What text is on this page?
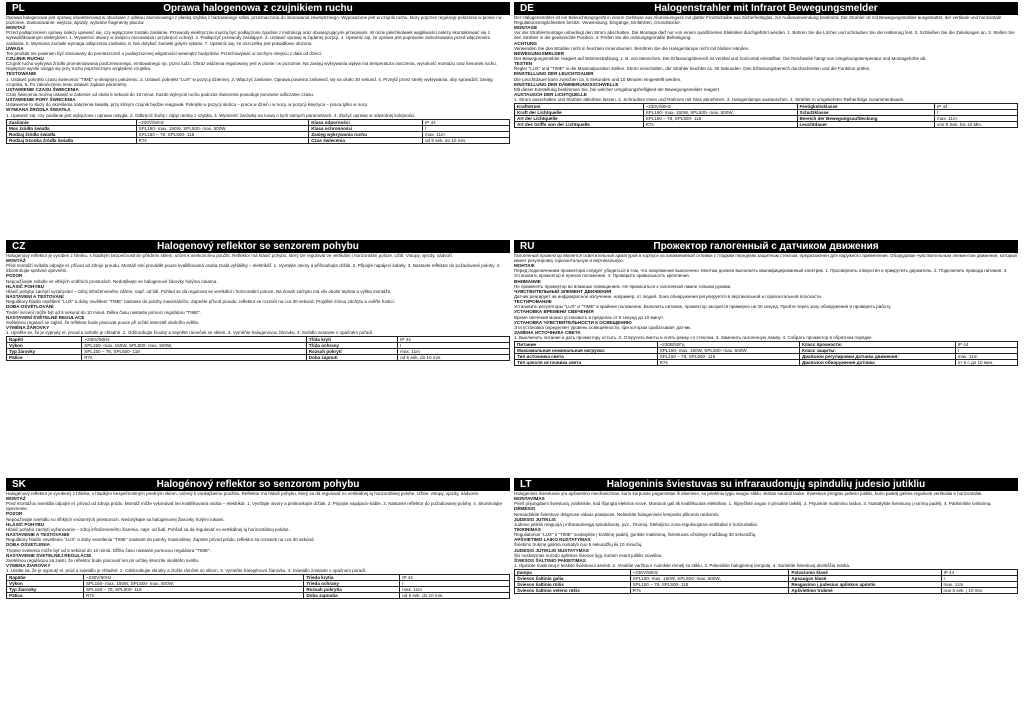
PL	Oprawa halogenowa z czujnikiem ruchu

Oprawa halogenowa jest oprawą oświetleniową w obudowie z odlewu aluminiowego z płaską szybką z hartowanego szkła, przeznaczona do stosowania zewnętrznego. Wyposażone jest w czujnik ruchu, który poprzez regulację położenia w pionie i w poziomie. Zastosowanie: wejścia, wjazdy, wybrane fragmenty placów.

MONTAŻ

Przed podłączeniem oprawy należy upewnić się, czy wyłączone zostało zasilanie. Przewody elektryczne muszą być podłączone zgodnie z instrukcją oraz obowiązującymi przepisami. W razie jakichkolwiek wątpliwości należy skontaktować się z wykwalifikowanym elektrykiem. 1. Wywiercić otwory w miejscu mocowania i przykręcić uchwyt. 2. Podłączyć przewody zasilające. 3. Ustawić oprawę w żądanej pozycji. 4. Upewnić się, że oprawa jest poprawnie zamontowana przed włączeniem zasilania. 5. Wymiana żarówki wymaga odłączenia zasilania. 6. Nie dotykać żarówki gołymi rękami. 7. Upewnić się, że uszczelka jest prawidłowo ułożona.

UWAGA

Ten produkt nie powinien być stosowany do pomieszczeń o podwyższonej wilgotności wewnątrz budynków. Przechowywać w suchym miejscu z dala od dzieci.

CZUJNIK RUCHU

Czujnik ruchu wykrywa źródło promieniowania podczerwonego, emitowanego np. przez ludzi. Obraz widzenia regulowany jest w pionie i w poziomie. Na zasięg wykrywania wpływ ma temperatura otoczenia, wysokość montażu oraz kierunek ruchu. Najlepsze wyniki osiąga się przy ruchu poprzecznym względem czujnika.

TESTOWANIE

1. Ustawić pokrętło czasu świecenia "TIME" w skrajnym położeniu. 2. Ustawić pokrętło "LUX" w pozycji dziennej. 3. Włączyć zasilanie. Oprawa powinna zaświecić się na około 30 sekund. 4. Przejść przez strefę wykrywania, aby sprawdzić zasięg czujnika. 5. Po zakończeniu testu ustawić żądane parametry.

USTAWIENIE CZASU ŚWIECENIA

Czas świecenia można ustawić w zakresie od około 5 sekund do 10 minut. Każde wykrycie ruchu podczas świecenia powoduje ponowne odliczanie czasu.

USTAWIENIE PORY ŚWIECENIA

Ustawienie to służy do określenia natężenia światła, przy którym czujnik będzie reagował. Pokrętło w pozycji słońca – praca w dzień i w nocy, w pozycji księżyca – praca tylko w nocy.

WYMIANA ŹRÓDŁA ŚWIATŁA

1. Upewnić się, czy zasilanie jest wyłączone i oprawa ostygła. 2. Odkręcić śruby i zdjąć ramkę z szybką. 3. Wymienić żarówkę na nową o tych samych parametrach. 4. Złożyć oprawę w odwrotnej kolejności.

Zasilanie	~230V/50Hz	Klasa odporności	IP 44
Moc źródła światła	SPL150- max. 150W, SPL500- max. 500W	Klasa ochronności	I
Rodzaj źródła światła	SPL150 – 78, SPL500- 118	Zasięg wykrywania ruchu	max. 11m
Rodzaj trzonka źródła światła	R7s	Czas świecenia	od 5 sek. do 10 min.
CZ	Halogenový reflektor se senzorem pohybu

Halogenový reflektor je vyroben z hliníku, s hladkým bezpečnostním předním sklem, určen k venkovnímu použití. Reflektor má hlásič pohybu, který lze regulovat ve vertikální i horizontální poloze. Užití: Vstupy, vjezdy, nádvoří.

MONTÁŽ

Před montáží svítidla odpojte el. přívod od zdroje proudu. Montáž smí provádět pouze kvalifikovaná osoba znalá vyhlášky – elektrikář. 1. Vyvrtejte otvory a přišroubujte držák. 2. Připojte napájecí kabely. 3. Nastavte reflektor do požadované polohy. 4. Zkontrolujte správné upevnění.

POZOR

Nepoužívejte svítidlo ve vlhkých vnitřních prostorách. Nedotýkejte se halogenové žárovky holýma rukama.

HLÁSIČ POHYBU

Hlásič pohybu zachytí vyzařování – zdroj infračerveného záření, např. od lidí. Pohled se dá regulovat ve vertikální i horizontální poloze. Na dosah záchytu má vliv okolní teplota a výška montáže.

NASTAVENÍ A TESTOVÁNÍ

Regulátory hladin osvětlení "LUX" a doby osvětlení "TIME" nastavte do polohy maximálního. Zapněte přívod proudu, reflektor se rozsvítí na cca 30 sekund. Projděte zónou záchytu a ověřte funkci.

DOBA OSVĚTLOVÁNÍ

Trvání svícení může být od 5 sekund do 10 minut. Délku času nastavte pomocí regulátoru "TIME".

NASTAVENÍ SVĚTELNÉ REGULACE

Světelnou regulací se zajistí, že reflektor bude pracovat pouze při určité intenzitě okolního světla.

VÝMĚNA ŽÁROVKY

1. Ujistěte se, že je vypnutý el. proud a svítidlo je chladné. 2. Odšroubujte šrouby a sejměte rámeček se sklem. 3. Vyměňte halogenovou žárovku. 4. Svítidlo sestavte v opačném pořadí.

Napětí	~230V/50Hz	Třída krytí	IP 44
Výkon	SPL150- max. 150W, SPL500- max. 500W,	Třída ochrany	I
Typ žárovky	SPL150 – 78, SPL500- 118	Rozsah pokrytí	max. 11m
Pätice	R7s	Doba zapnutí	od 5 sek. do 10 min.
SK	Halogénový reflektor so senzorom pohybu

Halogénový reflektor je vyrobený z hliníka, s hladkým bezpečnostným predným sklom, určený k vonkajšiemu použitiu. Reflektor má hlásič pohybu, ktorý sa dá regulovať vo vertikálnej aj horizontálnej polohe. Užitie: vstupy, vjazdy, nádvorie.

MONTÁŽ

Pred montážou svietidla odpojte el. prívod od zdroja prúdu. Montáž môže vykonávať len kvalifikovaná osoba – elektrikár. 1. Vyvŕtajte otvory a priskrutkujte držiak. 2. Pripojte napájacie káble. 3. Nastavte reflektor do požadovanej polohy. 4. Skontrolujte upevnenie.

POZOR

Nepoužívajte svietidlo vo vlhkých vnútorných priestoroch. Nedotýkajte sa halogénovej žiarovky holými rukami.

HLÁSIČ POHYBU

Hlásič pohybu zachytí vyžarovanie – zdroj infračerveného žiarenia, napr. od ľudí. Pohľad sa dá regulovať vo vertikálnej aj horizontálnej polohe.

NASTAVENIE A TESTOVANIE

Regulátory hladín osvetlenia "LUX" a doby osvetlenia "TIME" nastavte do polohy maximálnej. Zapnite prívod prúdu, reflektor sa rozsvieti na cca 30 sekúnd.

DOBA OSVETLENIA

Trvanie svietenia môže byť od 5 sekúnd do 10 minút. Dĺžku času nastavte pomocou regulátora "TIME".

NASTAVENIE SVETELNEJ REGULÁCIE

Svetelnou reguláciou sa zaistí, že reflektor bude pracovať len pri určitej intenzite okolitého svetla.

VÝMENA ŽIAROVKY

1. Uistite sa, že je vypnutý el. prúd a svietidlo je chladné. 2. Odskrutkujte skrutky a zložte rámček so sklom. 3. Vymeňte halogénovú žiarovku. 4. Svietidlo zostavte v opačnom poradí.

Napätie	~230V/50Hz	Trieda krytia	IP 44
Výkon	SPL150- max. 150W, SPL500- max. 500W,	Trieda ochrany	I
Typ žiarovky	SPL150 – 78, SPL500- 118	Rozsah pokrytia	max. 11m
Pätica	R7s	Doba zapnutia	od 5 sek. do 10 min.
DE	Halogenstrahler mit Infrarot Bewegungsmelder

Der Halogenstrahler ist ein Beleuchtungsgerät in einem Gehäuse aus Aluminiumguss mit glatter Frontscheibe aus Sicherheitsglas, zur Außenanwendung bestimmt. Der Strahler ist mit Bewegungsmelder ausgestattet, der vertikale und horizontale Regulationsmöglichkeiten besitzt. Verwendung: Eingänge, Einfahrten, Grundstücke.

MONTAGE

Vor der Strahlermontage unbedingt den Strom abschalten. Die Montage darf nur von einem qualifizierten Elektriker durchgeführt werden. 1. Bohren Sie die Löcher und schrauben Sie die Halterung fest. 2. Schließen Sie die Zuleitungen an. 3. Stellen Sie den Strahler in die gewünschte Position. 4. Prüfen Sie die ordnungsgemäße Befestigung.

ACHTUNG

Verwenden Sie den Strahler nicht in feuchten Innenräumen. Berühren Sie die Halogenlampe nicht mit bloßen Händen.

BEWEGUNGSMELDER

Der Bewegungsmelder reagiert auf Wärmestrahlung, z. B. von Menschen. Der Erfassungsbereich ist vertikal und horizontal einstellbar. Die Reichweite hängt von Umgebungstemperatur und Montagehöhe ab.

TESTEN

Regler "LUX" und "TIME" in die Maximalposition stellen. Strom einschalten, der Strahler leuchtet ca. 30 Sekunden. Den Erfassungsbereich durchschreiten und die Funktion prüfen.

EINSTELLUNG DER LEUCHTDAUER

Die Leuchtdauer kann zwischen ca. 5 Sekunden und 10 Minuten eingestellt werden.

EINSTELLUNG DER DÄMMERUNGSSCHWELLE

Mit dieser Einstellung bestimmen Sie, bei welcher Umgebungshelligkeit der Bewegungsmelder reagiert.

AUSTAUSCH DER LICHTQUELLE

1. Strom ausschalten und Strahler abkühlen lassen. 2. Schrauben lösen und Rahmen mit Glas abnehmen. 3. Halogenlampe austauschen. 4. Strahler in umgekehrter Reihenfolge zusammenbauen.

Kraftstrom	~230V/50Hz	Festigkeitsklasse	IP 44
Kraft der Lichtquelle	SPL150- max. 150W, SPL500- max. 500W,	Schutzklasse	I
Art der Lichtquelle	SPL150 – 78, SPL500- 118	Bereich der Bewegungsaufdeckung	max. 11m
Art des Griffs von der Lichtquelle	R7s	Leuchtdauer	von 5 Sek. bis 10 Min.
RU	Прожектор галогенный с датчиком движения

Галогенный прожектор является осветительной арматурой в корпусе из алюминиевой отливки с гладким передним защитным стеклом, предназначен для наружного применения. Оборудован чувствительным элементом движения, который имеет регулировку горизонтальную и вертикальную.

МОНТАЖ

Перед подключением прожектора следует убедиться в том, что напряжение выключено. Монтаж должен выполнять квалифицированный электрик. 1. Просверлить отверстия и прикрутить держатель. 2. Подключить провода питания. 3. Установить прожектор в нужное положение. 4. Проверить правильность крепления.

ВНИМАНИЕ

Не применять прожектор во влажных помещениях. Не прикасаться к галогенной лампе голыми руками.

ЧУВСТВИТЕЛЬНЫЙ ЭЛЕМЕНТ ДВИЖЕНИЯ

Датчик реагирует на инфракрасное излучение, например, от людей. Зона обнаружения регулируется в вертикальной и горизонтальной плоскости.

ТЕСТИРОВАНИЕ

Установить регуляторы "LUX" и "TIME" в крайнее положение. Включить питание, прожектор загорится примерно на 30 секунд. Пройти через зону обнаружения и проверить работу.

УСТАНОВКА ВРЕМЕНИ СВЕЧЕНИЯ

Время свечения можно установить в пределах от 5 секунд до 10 минут.

УСТАНОВКА ЧУВСТВИТЕЛЬНОСТИ К ОСВЕЩЕНИЮ

Эта установка определяет уровень освещённости, при котором срабатывает датчик.

ЗАМЕНА ИСТОЧНИКА СВЕТА

1. Выключить питание и дать прожектору остыть. 2. Открутить винты и снять рамку со стеклом. 3. Заменить галогенную лампу. 4. Собрать прожектор в обратном порядке.

Питание	~230В/50Гц	Класс прочности:	IP 44
Максимальная номинальная нагрузка:	SPL150- max. 150W, SPL500- max. 500W,	Класс защиты:	I
Тип источника света	SPL150 – 78, SPL500- 118	Диапазон регулировки датчика движения:	max. 11m
Тип цоколя источника света	R7s	Диапазон обнаружения датчика	от 5 с до 10 мин.
LT	Halogeninis šviestuvas su infraraudonųjų spindulių judesio jutikliu

Halogeninis šviestuvas yra apšvietimo mechanizmas, kurio korpusas pagamintas iš aliuminio, su priekiniu lygiu saugiu stiklu, skirtas naudoti lauke. Šviestuve įrengtas judesio jutiklis, kurio padėtį galima reguliuoti vertikaliai ir horizontaliai.

MONTAVIMAS

Prieš prijungdami šviestuvą, įsitikinkite, kad išjungta elektros srovė. Montuoti gali tik kvalifikuotas elektrikas. 1. Išgręžkite angas ir prisukite laikiklį. 2. Prijunkite maitinimo laidus. 3. Nustatykite šviestuvą į norimą padėtį. 4. Patikrinkite tvirtinimą.

DĖMESIO

Nenaudokite šviestuvo drėgnose vidaus patalpose. Nelieskite halogeninės lemputės plikomis rankomis.

JUDESIO JUTIKLIS

Judesio jutiklis reaguoja į infraraudonąją spinduliuotę, pvz., žmonių. Stebėjimo zona reguliuojama vertikaliai ir horizontaliai.

TIKRINIMAS

Reguliatorius "LUX" ir "TIME" nustatykite į kraštinę padėtį. Įjunkite maitinimą, šviestuvas užsidegs maždaug 30 sekundžių.

APŠVIETIMO LAIKO NUSTATYMAS

Švietimo trukmę galima nustatyti nuo 5 sekundžių iki 10 minučių.

JUDESIO JUTIKLIO NUSTATYMAS

Šis nustatymas nurodo aplinkos šviesos lygį, kuriam esant jutiklis suveikia.

ŠVIESOS ŠALTINIO PAKEITIMAS

1. Išjunkite maitinimą ir leiskite šviestuvui atvėsti. 2. Atsukite varžtus ir nuimkite rėmelį su stiklu. 3. Pakeiskite halogeninę lemputę. 4. Surinkite šviestuvą atvirkščia tvarka.

Įtampa	~230V/50Hz	Patvarumo klasė	IP 44
Šviesos šaltinio galia	SPL150- max. 150W, SPL500- max. 500W,	Apsaugos klasė	I
Šviesos šaltinio rūšis	SPL150 – 78, SPL500- 118	Reagavimo į judesius aplinkos apimtis	max. 11m
Šviesos šaltinio veleno rūšis	R7s	Apšvietimo trukmė	nuo 5 sek. į 10 min.
